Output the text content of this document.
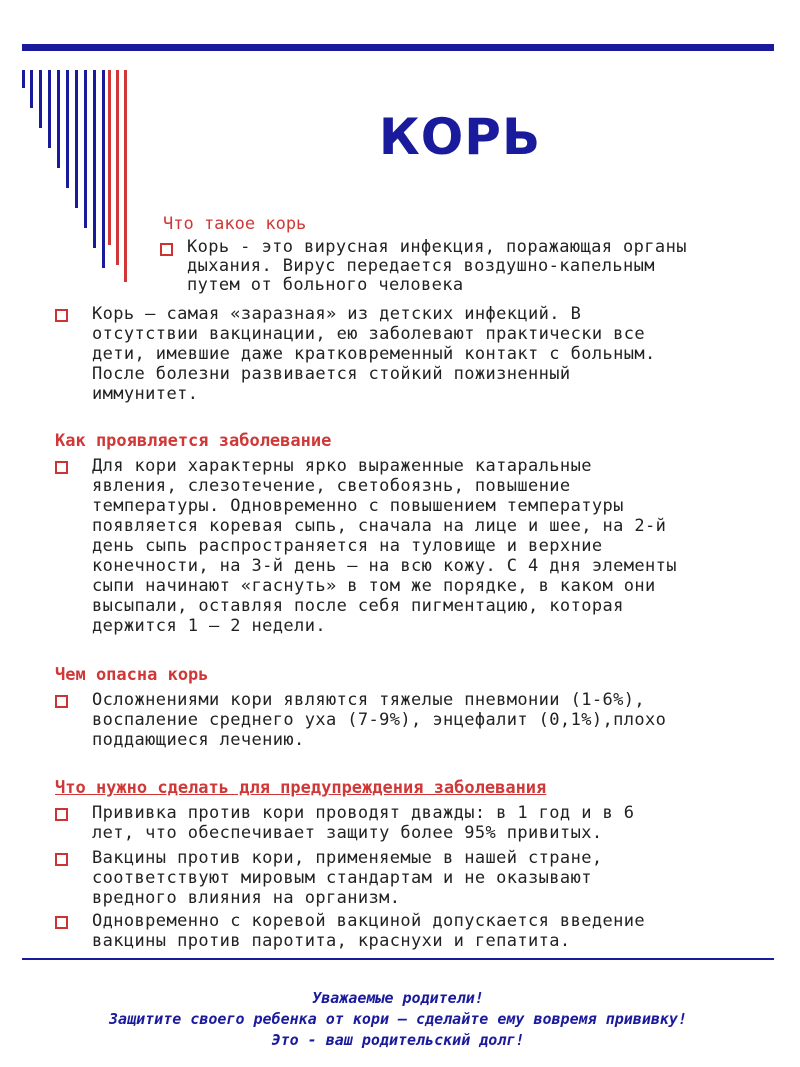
КОРЬ
Что такое корь
Корь - это вирусная инфекция, поражающая органы
дыхания. Вирус передается воздушно-капельным
путем от больного человека
Корь – самая «заразная» из детских инфекций. В
отсутствии вакцинации, ею заболевают практически все
дети, имевшие даже кратковременный контакт с больным.
После болезни развивается стойкий пожизненный
иммунитет.
Как проявляется заболевание
Для кори характерны ярко выраженные катаральные
явления, слезотечение, светобоязнь, повышение
температуры. Одновременно с повышением температуры
появляется коревая сыпь, сначала на лице и шее, на 2-й
день сыпь распространяется на туловище и верхние
конечности, на 3-й день – на всю кожу. С 4 дня элементы
сыпи начинают «гаснуть» в том же порядке, в каком они
высыпали, оставляя после себя пигментацию, которая
держится 1 – 2 недели.
Чем опасна корь
Осложнениями кори являются тяжелые пневмонии (1-6%),
воспаление среднего уха (7-9%), энцефалит (0,1%),плохо
поддающиеся лечению.
Что нужно сделать для предупреждения заболевания
Прививка против кори проводят дважды: в 1 год и в 6
лет, что обеспечивает защиту более 95% привитых.
Вакцины против кори, применяемые в нашей стране,
соответствуют мировым стандартам и не оказывают
вредного влияния на организм.
Одновременно с коревой вакциной допускается введение
вакцины против паротита, краснухи и гепатита.
Уважаемые родители!
Защитите своего ребенка от кори – сделайте ему вовремя прививку!
Это - ваш родительский долг!
